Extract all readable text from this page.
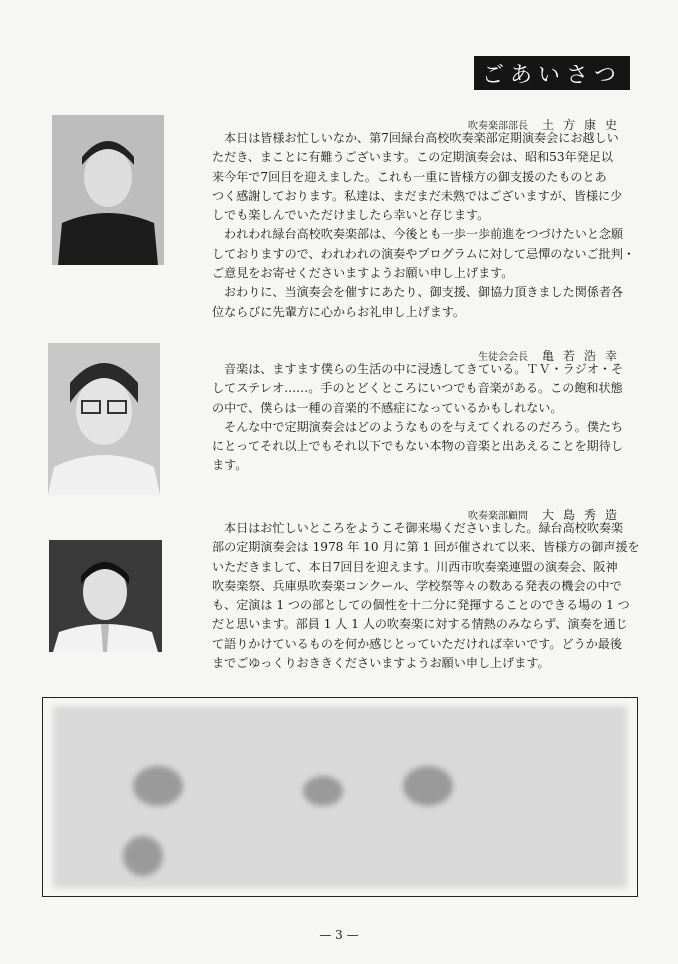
ごあいさつ
吹奏楽部部長 土方康史

本日は皆様お忙しいなか、第7回緑台高校吹奏楽部定期演奏会にお越しい

ただき、まことに有難うございます。この定期演奏会は、昭和53年発足以

来今年で7回目を迎えました。これも一重に皆様方の御支援のたものとあ

つく感謝しております。私達は、まだまだ未熟ではございますが、皆様に少

しでも楽しんでいただけましたら幸いと存じます。

われわれ緑台高校吹奏楽部は、今後とも一歩一歩前進をつづけたいと念願

しておりますので、われわれの演奏やプログラムに対して忌憚のないご批判・

ご意見をお寄せくださいますようお願い申し上げます。

おわりに、当演奏会を催すにあたり、御支援、御協力頂きました関係者各

位ならびに先輩方に心からお礼申し上げます。

生徒会会長 亀若浩幸

音楽は、ますます僕らの生活の中に浸透してきている。ＴＶ・ラジオ・そ

してステレオ……。手のとどくところにいつでも音楽がある。この飽和状態

の中で、僕らは一種の音楽的不感症になっているかもしれない。

そんな中で定期演奏会はどのようなものを与えてくれるのだろう。僕たち

にとってそれ以上でもそれ以下でもない本物の音楽と出あえることを期待し

ます。

吹奏楽部顧問 大島秀造

本日はお忙しいところをようこそ御来場くださいました。緑台高校吹奏楽

部の定期演奏会は 1978 年 10 月に第 1 回が催されて以来、皆様方の御声援を

いただきまして、本日7回目を迎えます。川西市吹奏楽連盟の演奏会、阪神

吹奏楽祭、兵庫県吹奏楽コンクール、学校祭等々の数ある発表の機会の中で

も、定演は 1 つの部としての個性を十二分に発揮することのできる場の 1 つ

だと思います。部員 1 人 1 人の吹奏楽に対する情熱のみならず、演奏を通じ

て語りかけているものを何か感じとっていただければ幸いです。どうか最後

までごゆっくりおききくださいますようお願い申し上げます。

— 3 —
